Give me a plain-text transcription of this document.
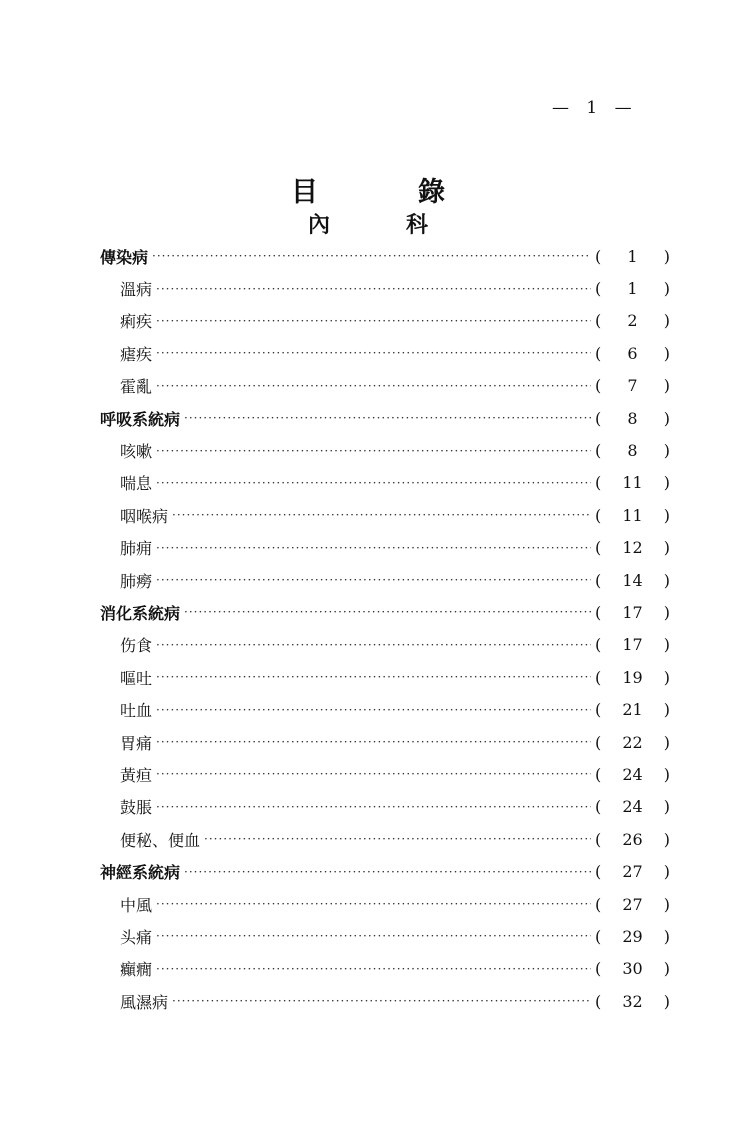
— 1 —
目	錄
內	科
傳染病 ·····	(	1	)
溫病 ·····	(	1	)
痢疾 ·····	(	2	)
瘧疾 ·····	(	6	)
霍亂 ·····	(	7	)
呼吸系統病 ·····	(	8	)
咳嗽 ·····	(	8	)
喘息 ·····	(	11	)
咽喉病 ·····	(	11	)
肺痈 ·····	(	12	)
肺癆 ·····	(	14	)
消化系統病 ·····	(	17	)
伤食 ·····	(	17	)
嘔吐 ·····	(	19	)
吐血 ·····	(	21	)
胃痛 ·····	(	22	)
黃疸 ·····	(	24	)
鼓脹 ·····	(	24	)
便秘、便血 ·····	(	26	)
神經系統病 ·····	(	27	)
中風 ·····	(	27	)
头痛 ·····	(	29	)
癲癇 ·····	(	30	)
風濕病 ·····	(	32	)
